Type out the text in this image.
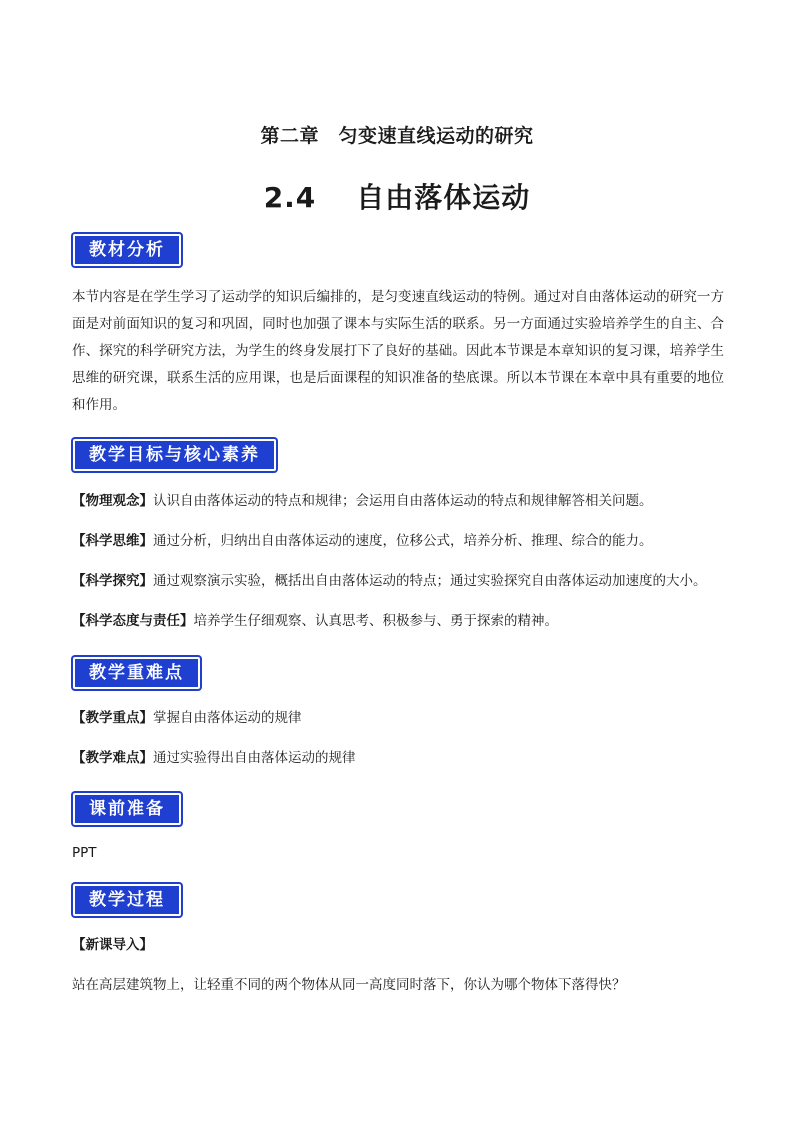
第二章　匀变速直线运动的研究
2.4 自由落体运动
教材分析
本节内容是在学生学习了运动学的知识后编排的，是匀变速直线运动的特例。通过对自由落体运动的研究一方面是对前面知识的复习和巩固，同时也加强了课本与实际生活的联系。另一方面通过实验培养学生的自主、合作、探究的科学研究方法，为学生的终身发展打下了良好的基础。因此本节课是本章知识的复习课，培养学生思维的研究课，联系生活的应用课，也是后面课程的知识准备的垫底课。所以本节课在本章中具有重要的地位和作用。
教学目标与核心素养
【物理观念】认识自由落体运动的特点和规律；会运用自由落体运动的特点和规律解答相关问题。
【科学思维】通过分析，归纳出自由落体运动的速度，位移公式，培养分析、推理、综合的能力。
【科学探究】通过观察演示实验，概括出自由落体运动的特点；通过实验探究自由落体运动加速度的大小。
【科学态度与责任】培养学生仔细观察、认真思考、积极参与、勇于探索的精神。
教学重难点
【教学重点】掌握自由落体运动的规律
【教学难点】通过实验得出自由落体运动的规律
课前准备
PPT
教学过程
【新课导入】
站在高层建筑物上，让轻重不同的两个物体从同一高度同时落下，你认为哪个物体下落得快？
